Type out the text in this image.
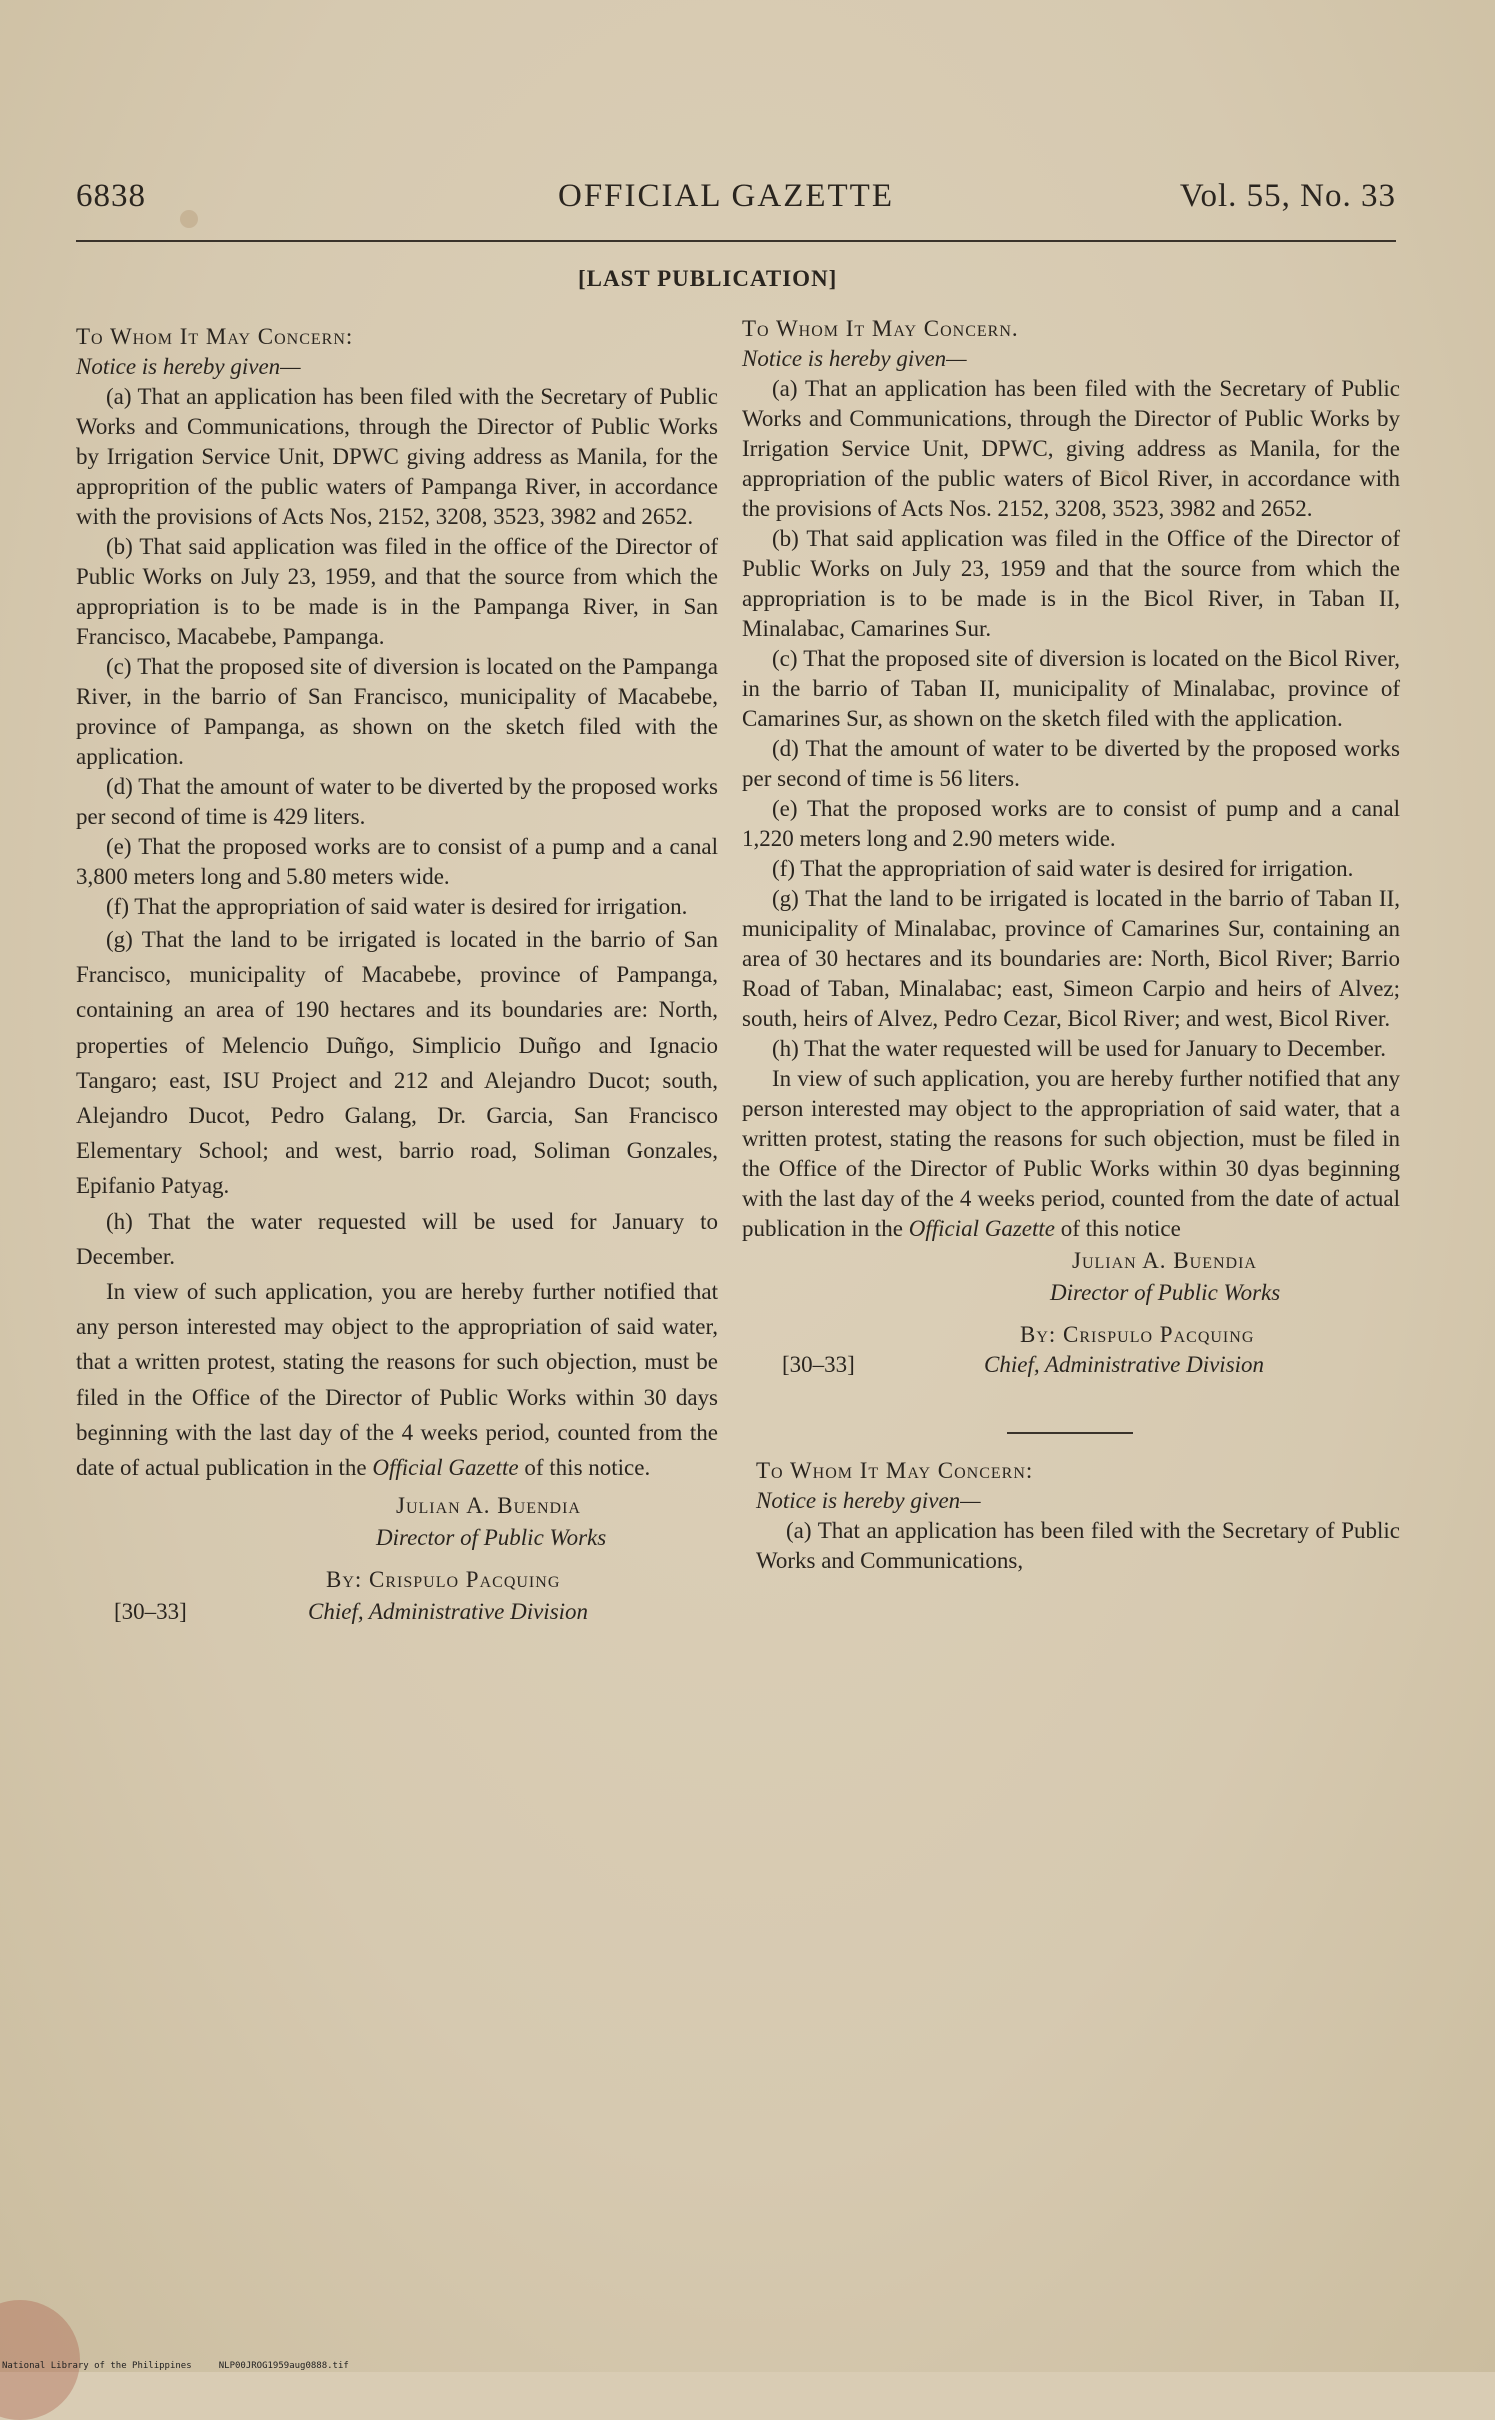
6838	OFFICIAL GAZETTE	Vol. 55, No. 33
[LAST PUBLICATION]

To Whom It May Concern:

Notice is hereby given—

(a) That an application has been filed with the Secretary of Public Works and Communications, through the Director of Public Works by Irrigation Service Unit, DPWC giving address as Manila, for the approprition of the public waters of Pampanga River, in accordance with the provisions of Acts Nos, 2152, 3208, 3523, 3982 and 2652.

(b) That said application was filed in the office of the Director of Public Works on July 23, 1959, and that the source from which the appropriation is to be made is in the Pampanga River, in San Francisco, Macabebe, Pampanga.

(c) That the proposed site of diversion is located on the Pampanga River, in the barrio of San Francisco, municipality of Macabebe, province of Pampanga, as shown on the sketch filed with the application.

(d) That the amount of water to be diverted by the proposed works per second of time is 429 liters.

(e) That the proposed works are to consist of a pump and a canal 3,800 meters long and 5.80 meters wide.

(f) That the appropriation of said water is desired for irrigation.

(g) That the land to be irrigated is located in the barrio of San Francisco, municipality of Macabebe, province of Pampanga, containing an area of 190 hectares and its boundaries are: North, properties of Melencio Duñgo, Simplicio Duñgo and Ignacio Tangaro; east, ISU Project and 212 and Alejandro Ducot; south, Alejandro Ducot, Pedro Galang, Dr. Garcia, San Francisco Elementary School; and west, barrio road, Soliman Gonzales, Epifanio Patyag.

(h) That the water requested will be used for January to December.

In view of such application, you are hereby further notified that any person interested may object to the appropriation of said water, that a written protest, stating the reasons for such objection, must be filed in the Office of the Director of Public Works within 30 days beginning with the last day of the 4 weeks period, counted from the date of actual publication in the Official Gazette of this notice.

Julian A. Buendia
Director of Public Works
By: Crispulo Pacquing
Chief, Administrative Division
[30–33]

To Whom It May Concern.

Notice is hereby given—

(a) That an application has been filed with the Secretary of Public Works and Communications, through the Director of Public Works by Irrigation Service Unit, DPWC, giving address as Manila, for the appropriation of the public waters of Bicol River, in accordance with the provisions of Acts Nos. 2152, 3208, 3523, 3982 and 2652.

(b) That said application was filed in the Office of the Director of Public Works on July 23, 1959 and that the source from which the appropriation is to be made is in the Bicol River, in Taban II, Minalabac, Camarines Sur.

(c) That the proposed site of diversion is located on the Bicol River, in the barrio of Taban II, municipality of Minalabac, province of Camarines Sur, as shown on the sketch filed with the application.

(d) That the amount of water to be diverted by the proposed works per second of time is 56 liters.

(e) That the proposed works are to consist of pump and a canal 1,220 meters long and 2.90 meters wide.

(f) That the appropriation of said water is desired for irrigation.

(g) That the land to be irrigated is located in the barrio of Taban II, municipality of Minalabac, province of Camarines Sur, containing an area of 30 hectares and its boundaries are: North, Bicol River; Barrio Road of Taban, Minalabac; east, Simeon Carpio and heirs of Alvez; south, heirs of Alvez, Pedro Cezar, Bicol River; and west, Bicol River.

(h) That the water requested will be used for January to December.

In view of such application, you are hereby further notified that any person interested may object to the appropriation of said water, that a written protest, stating the reasons for such objection, must be filed in the Office of the Director of Public Works within 30 dyas beginning with the last day of the 4 weeks period, counted from the date of actual publication in the Official Gazette of this notice

Julian A. Buendia
Director of Public Works
By: Crispulo Pacquing
Chief, Administrative Division
[30–33]

To Whom It May Concern:

Notice is hereby given—

(a) That an application has been filed with the Secretary of Public Works and Communications,

National Library of the Philippines	NLP00JROG1959aug0888.tif
